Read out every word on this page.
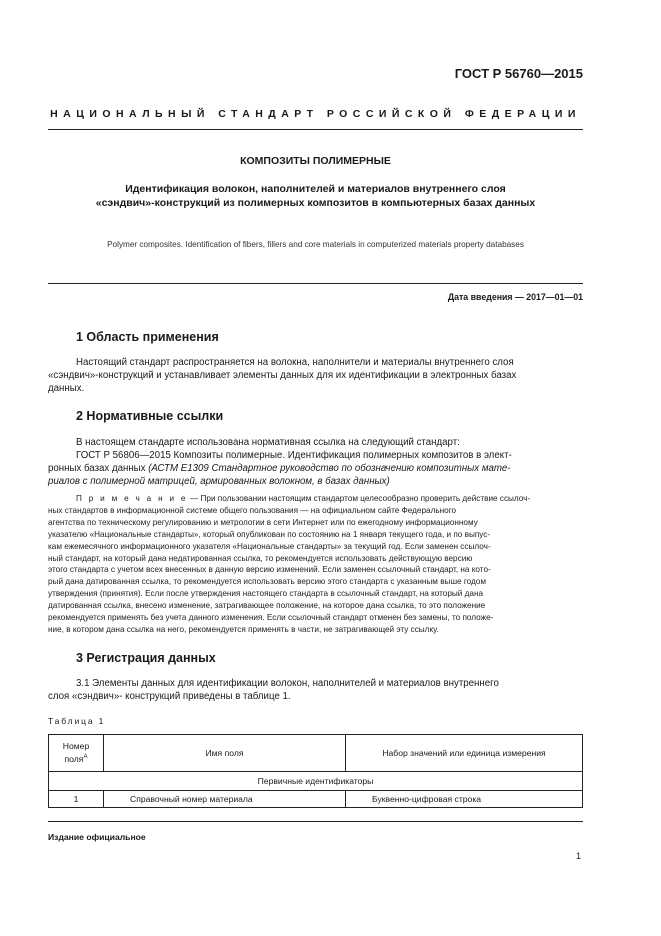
ГОСТ Р 56760—2015
НАЦИОНАЛЬНЫЙ СТАНДАРТ РОССИЙСКОЙ ФЕДЕРАЦИИ
КОМПОЗИТЫ ПОЛИМЕРНЫЕ
Идентификация волокон, наполнителей и материалов внутреннего слоя
«сэндвич»-конструкций из полимерных композитов в компьютерных базах данных
Polymer composites. Identification of fibers, fillers and core materials in computerized materials property databases
Дата введения — 2017—01—01
1 Область применения
Настоящий стандарт распространяется на волокна, наполнители и материалы внутреннего слоя
«сэндвич»-конструкций и устанавливает элементы данных для их идентификации в электронных базах
данных.
2 Нормативные ссылки
В настоящем стандарте использована нормативная ссылка на следующий стандарт:
ГОСТ Р 56806—2015 Композиты полимерные. Идентификация полимерных композитов в элект-
ронных базах данных (АСТМ Е1309 Стандартное руководство по обозначению композитных мате-
риалов с полимерной матрицей, армированных волокном, в базах данных)
П р и м е ч а н и е — При пользовании настоящим стандартом целесообразно проверить действие ссылоч-
ных стандартов в информационной системе общего пользования — на официальном сайте Федерального
агентства по техническому регулированию и метрологии в сети Интернет или по ежегодному информационному
указателю «Национальные стандарты», который опубликован по состоянию на 1 января текущего года, и по выпус-
кам ежемесячного информационного указателя «Национальные стандарты» за текущий год. Если заменен ссылоч-
ный стандарт, на который дана недатированная ссылка, то рекомендуется использовать действующую версию
этого стандарта с учетом всех внесенных в данную версию изменений. Если заменен ссылочный стандарт, на кото-
рый дана датированная ссылка, то рекомендуется использовать версию этого стандарта с указанным выше годом
утверждения (принятия). Если после утверждения настоящего стандарта в ссылочный стандарт, на который дана
датированная ссылка, внесено изменение, затрагивающее положение, на которое дана ссылка, то это положение
рекомендуется применять без учета данного изменения. Если ссылочный стандарт отменен без замены, то положе-
ние, в котором дана ссылка на него, рекомендуется применять в части, не затрагивающей эту ссылку.
3 Регистрация данных
3.1 Элементы данных для идентификации волокон, наполнителей и материалов внутреннего
слоя «сэндвич»- конструкций приведены в таблице 1.
Таблица 1
Номер
поля$^А$	Имя поля	Набор значений или единица измерения
Первичные идентификаторы		
1	Справочный номер материала	Буквенно-цифровая строка
Издание официальное
1
